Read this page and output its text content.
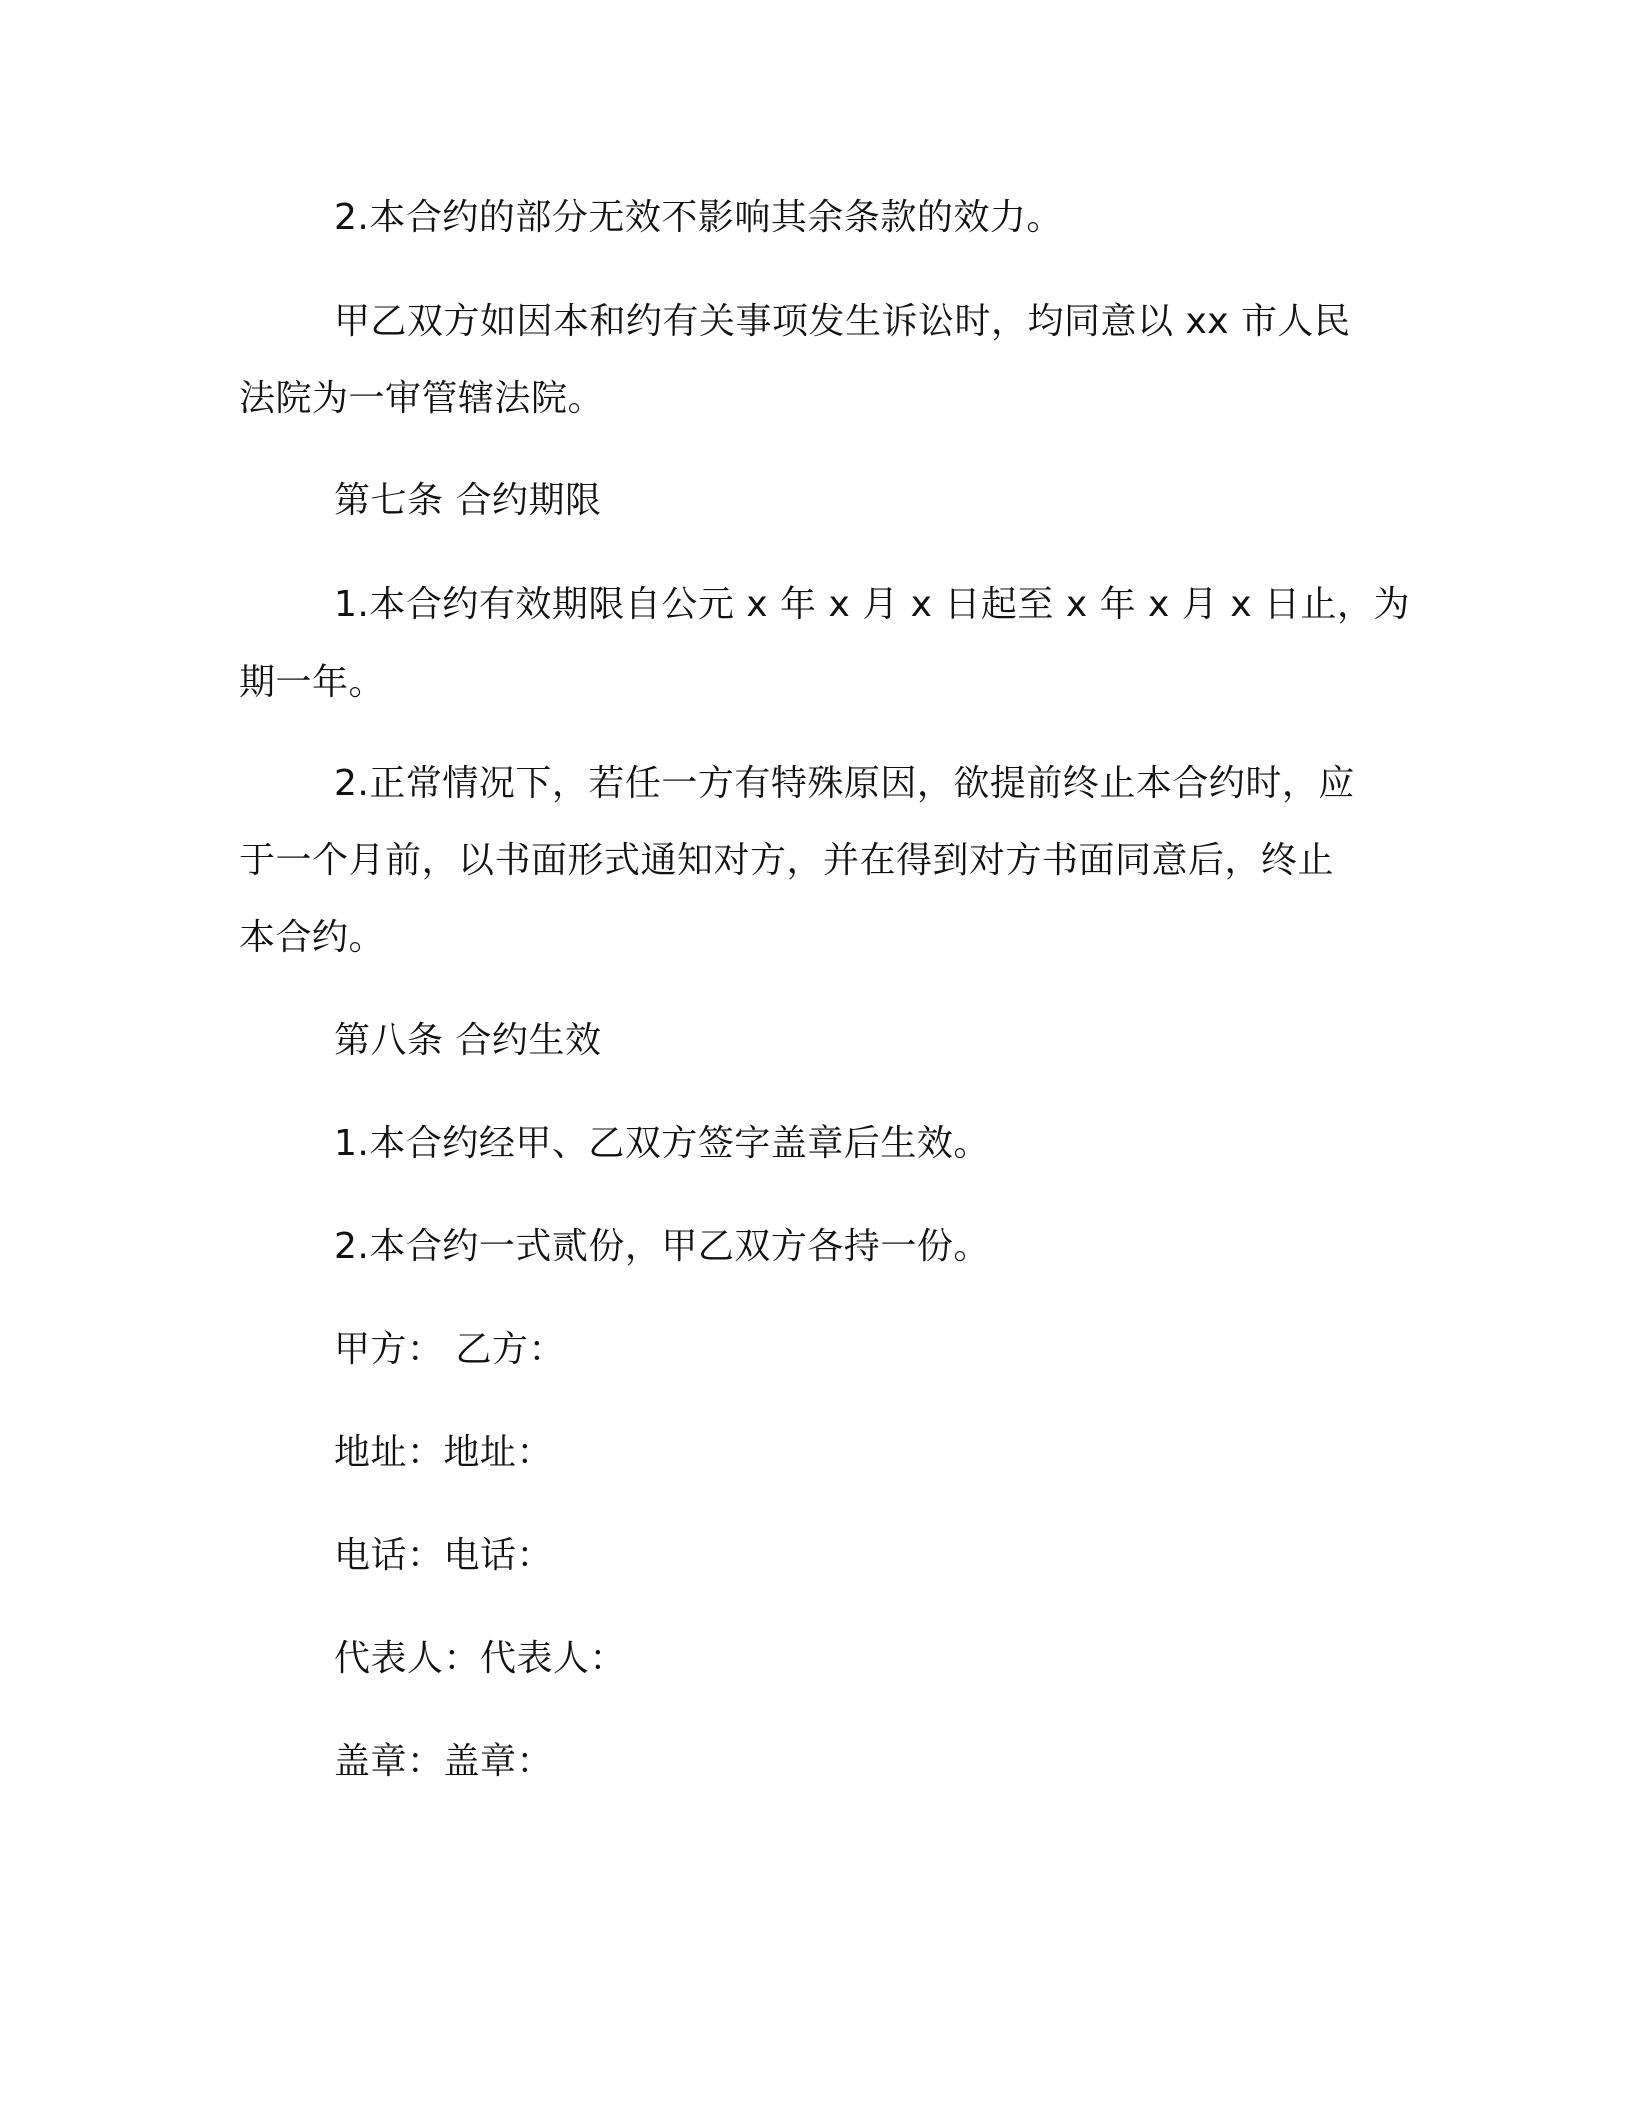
2.本合约的部分无效不影响其余条款的效力。
甲乙双方如因本和约有关事项发生诉讼时，均同意以 xx 市人民
法院为一审管辖法院。
第七条 合约期限
1.本合约有效期限自公元 x 年 x 月 x 日起至 x 年 x 月 x 日止，为
期一年。
2.正常情况下，若任一方有特殊原因，欲提前终止本合约时，应
于一个月前，以书面形式通知对方，并在得到对方书面同意后，终止
本合约。
第八条 合约生效
1.本合约经甲、乙双方签字盖章后生效。
2.本合约一式贰份，甲乙双方各持一份。
甲方： 乙方：
地址：地址：
电话：电话：
代表人：代表人：
盖章：盖章：
